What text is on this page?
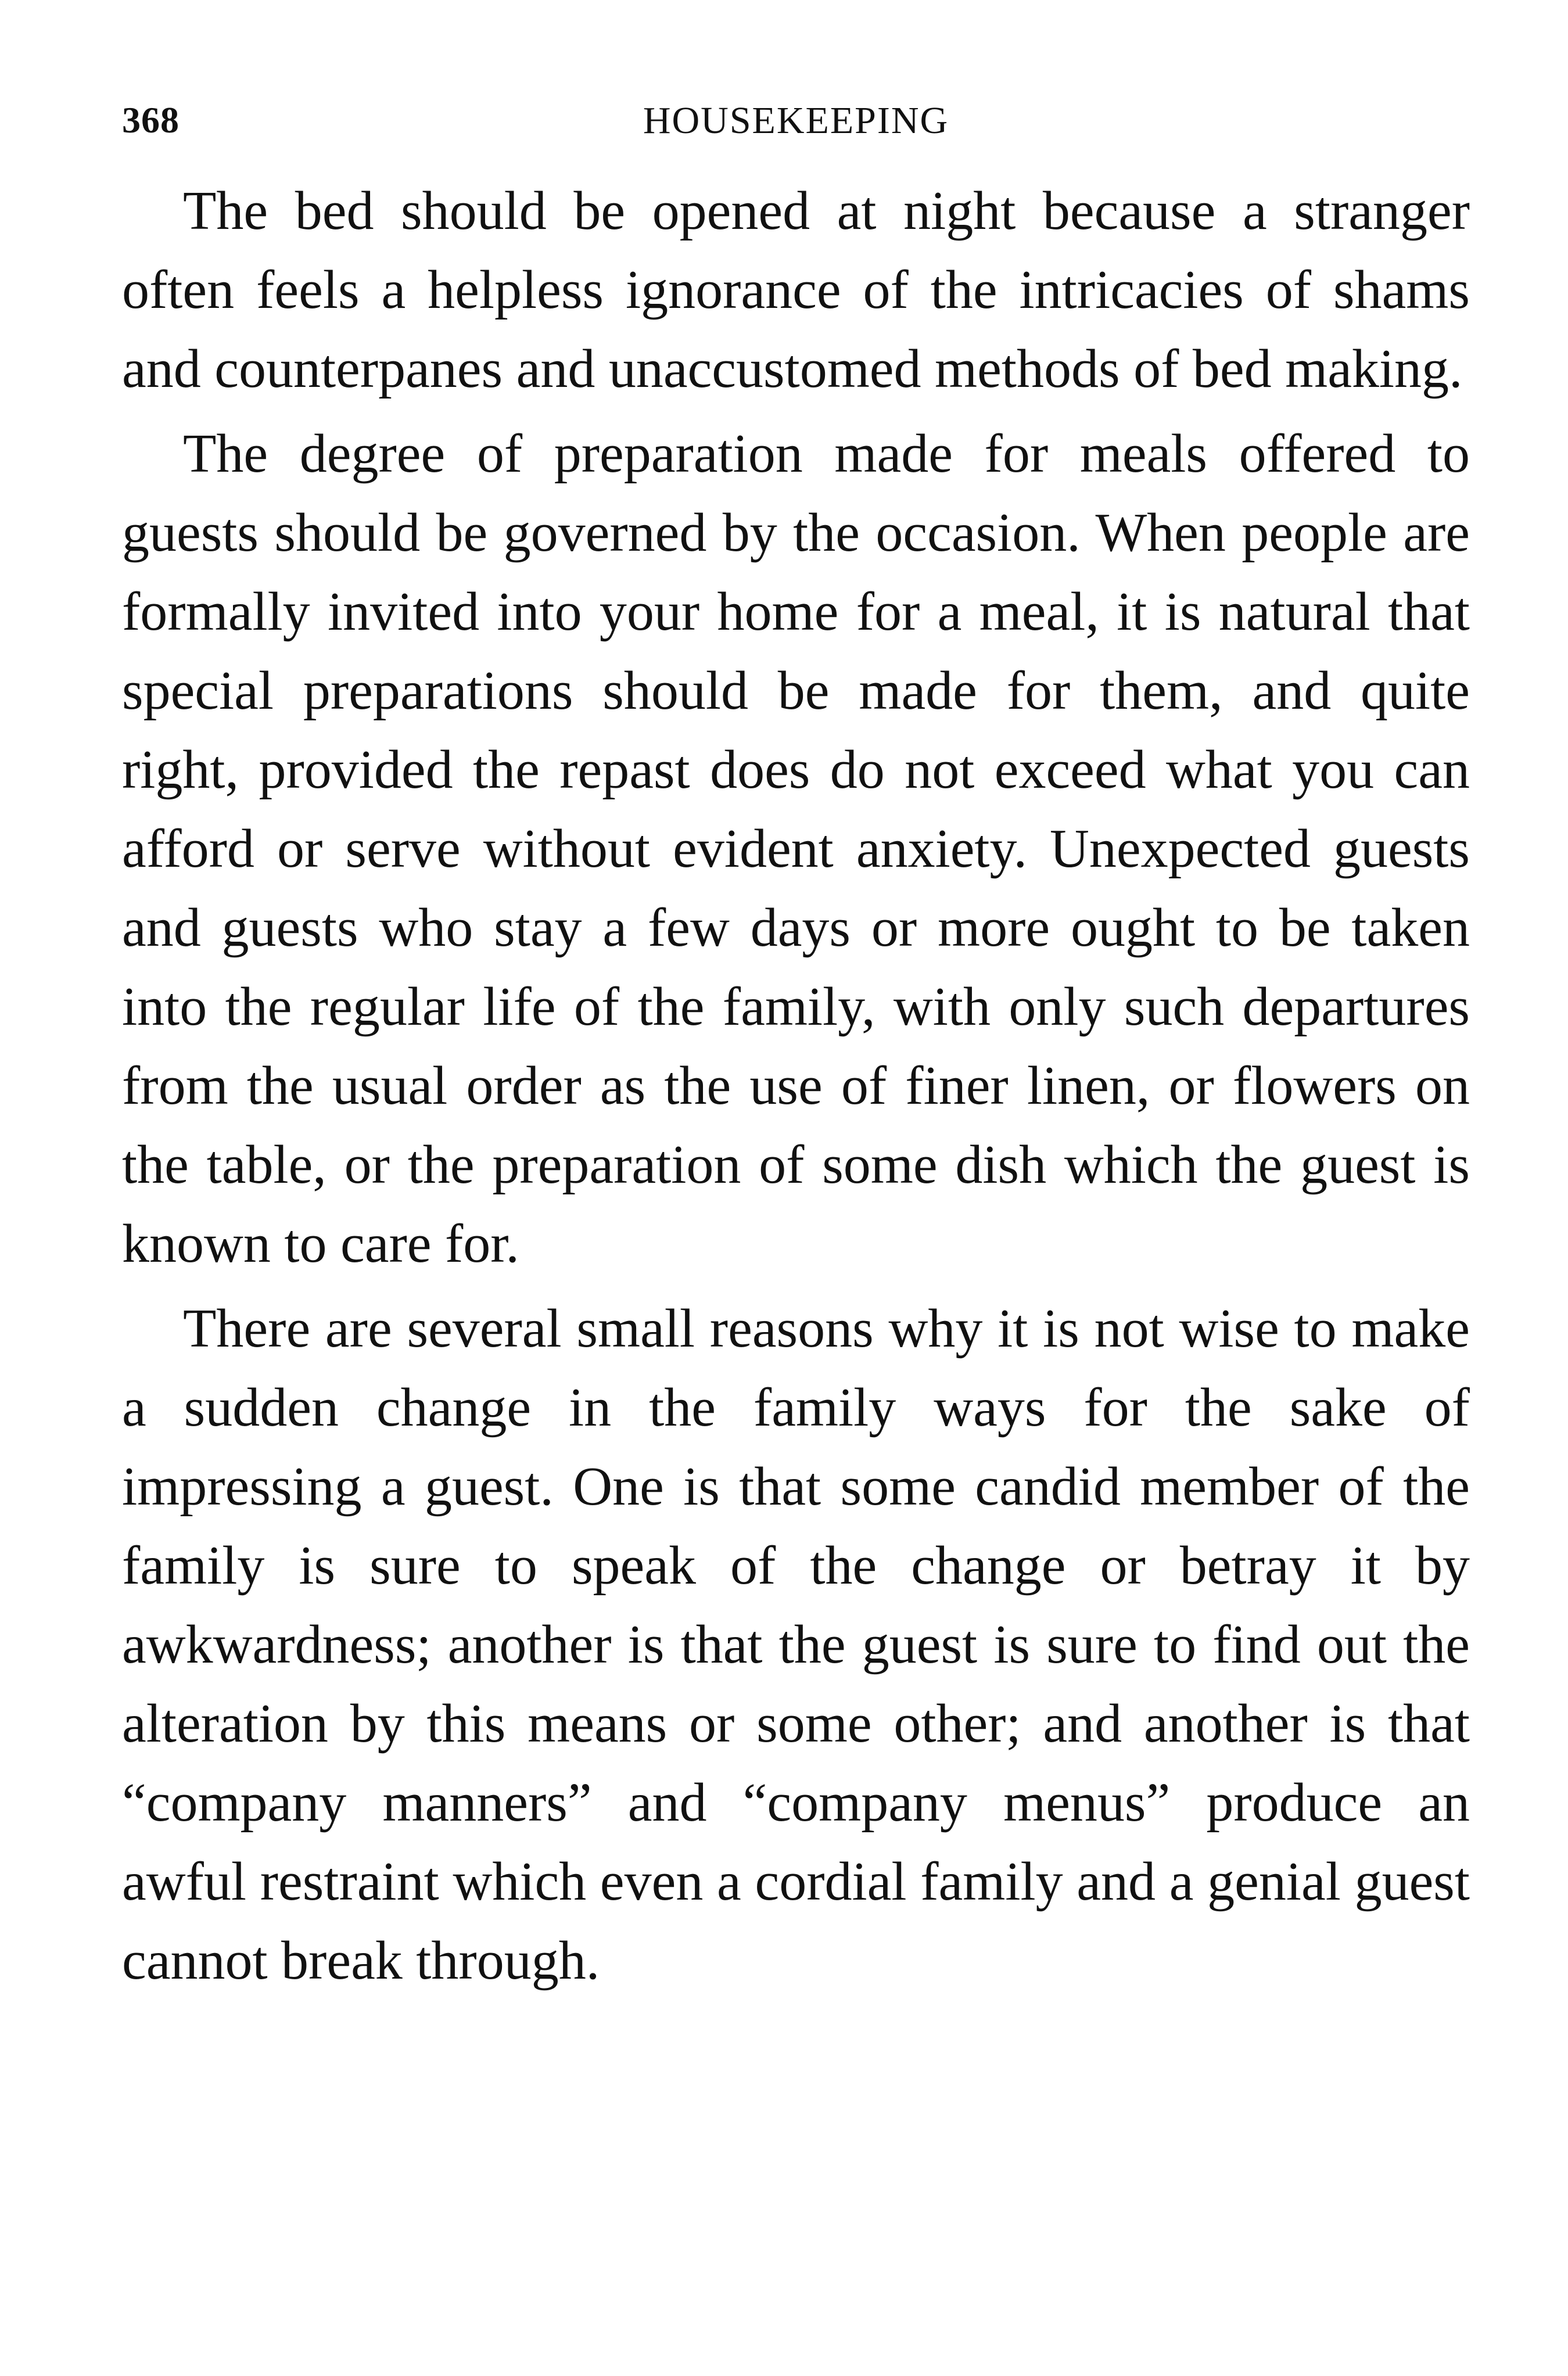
368	HOUSEKEEPING

The bed should be opened at night because a stranger often feels a helpless ignorance of the intricacies of shams and counterpanes and unaccustomed methods of bed making.

The degree of preparation made for meals offered to guests should be governed by the occasion. When people are formally invited into your home for a meal, it is natural that special preparations should be made for them, and quite right, provided the repast does do not exceed what you can afford or serve without evident anxiety. Unexpected guests and guests who stay a few days or more ought to be taken into the regular life of the family, with only such departures from the usual order as the use of finer linen, or flowers on the table, or the preparation of some dish which the guest is known to care for.

There are several small reasons why it is not wise to make a sudden change in the family ways for the sake of impressing a guest. One is that some candid member of the family is sure to speak of the change or betray it by awkwardness; another is that the guest is sure to find out the alteration by this means or some other; and another is that “company manners” and “company menus” produce an awful restraint which even a cordial family and a genial guest cannot break through.
